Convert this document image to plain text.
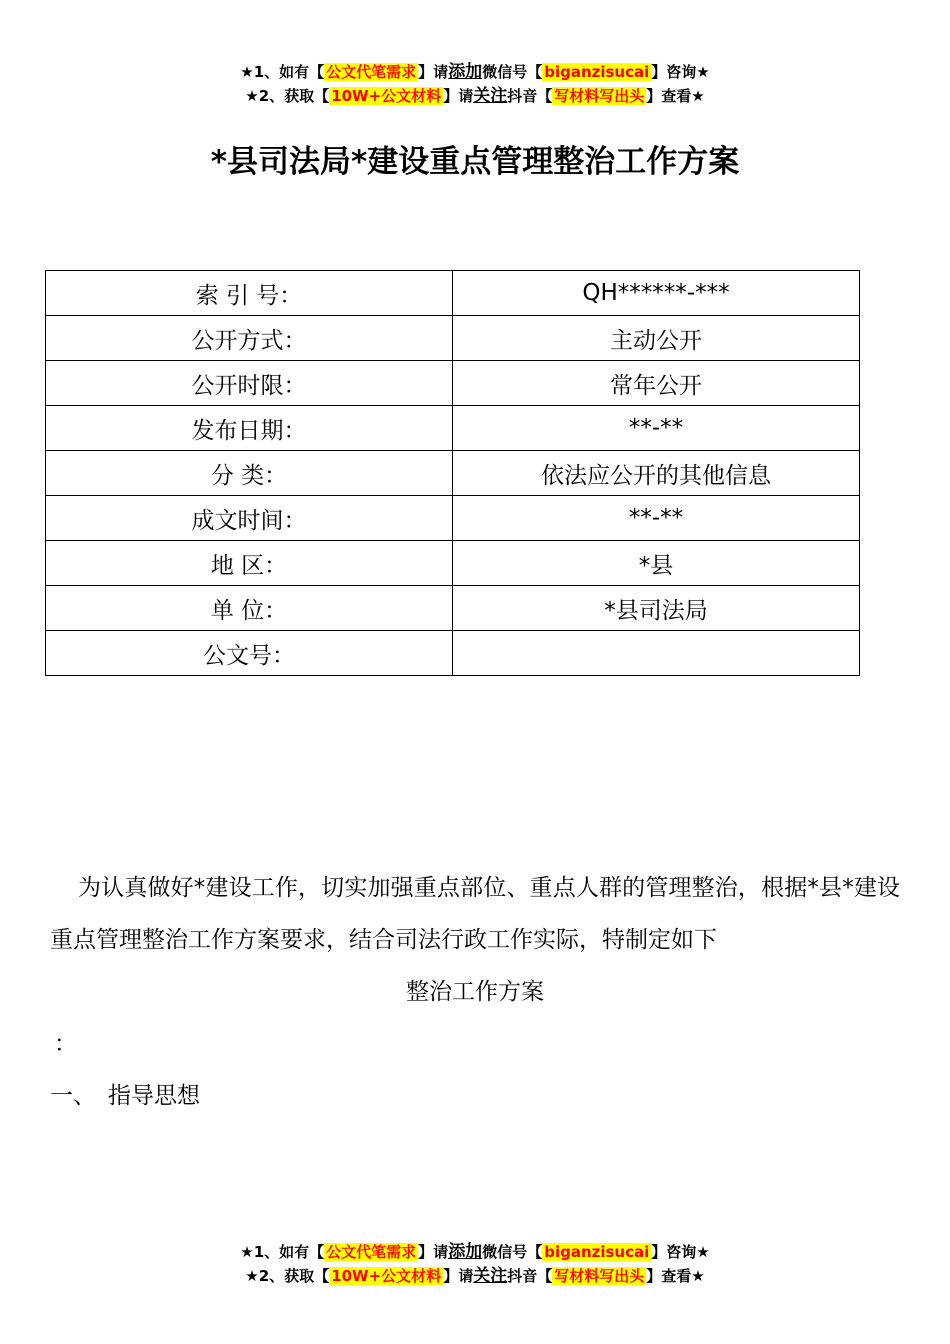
★1、如有【 公文代笔需求 】请添加微信号【 biganzisucai 】咨询★
★2、获取【 10W+公文材料 】请关注抖音【 写材料写出头 】查看★
*县司法局*建设重点管理整治工作方案
索 引 号：	QH******-***
公开方式：	主动公开
公开时限：	常年公开
发布日期：	**-**
分 类：	依法应公开的其他信息
成文时间：	**-**
地 区：	*县
单 位：	*县司法局
公文号：	
为认真做好*建设工作，切实加强重点部位、重点人群的管理整治，根据*县*建设重点管理整治工作方案要求，结合司法行政工作实际，特制定如下
整治工作方案
：
一、 指导思想
★1、如有【 公文代笔需求 】请添加微信号【 biganzisucai 】咨询★
★2、获取【 10W+公文材料 】请关注抖音【 写材料写出头 】查看★
